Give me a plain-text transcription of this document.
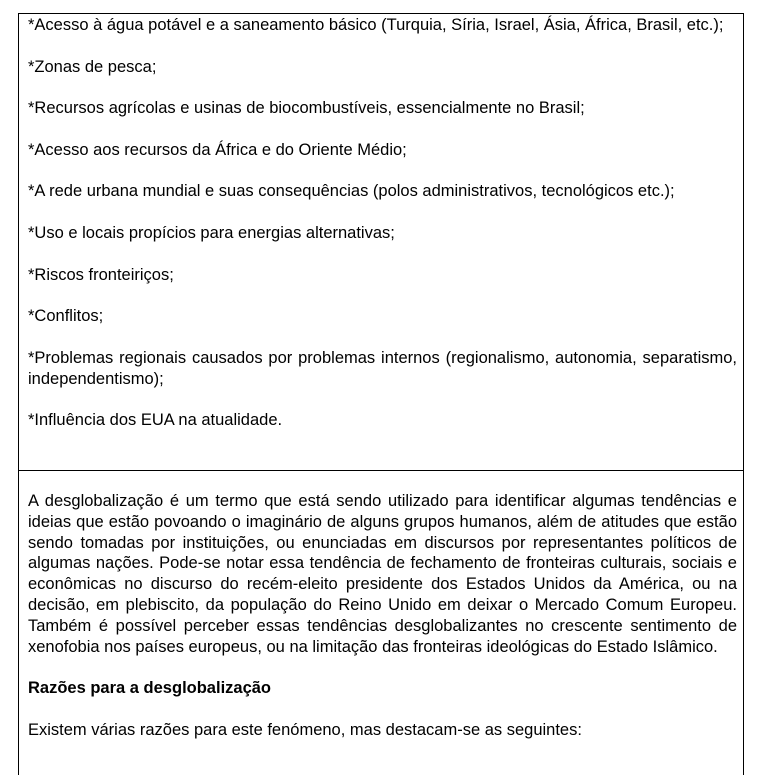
*Acesso à água potável e a saneamento básico (Turquia, Síria, Israel, Ásia, África, Brasil, etc.);

*Zonas de pesca;

*Recursos agrícolas e usinas de biocombustíveis, essencialmente no Brasil;

*Acesso aos recursos da África e do Oriente Médio;

*A rede urbana mundial e suas consequências (polos administrativos, tecnológicos etc.);

*Uso e locais propícios para energias alternativas;

*Riscos fronteiriços;

*Conflitos;

*Problemas regionais causados por problemas internos (regionalismo, autonomia, separatismo, independentismo);

*Influência dos EUA na atualidade.

A desglobalização é um termo que está sendo utilizado para identificar algumas tendências e ideias que estão povoando o imaginário de alguns grupos humanos, além de atitudes que estão sendo tomadas por instituições, ou enunciadas em discursos por representantes políticos de algumas nações. Pode-se notar essa tendência de fechamento de fronteiras culturais, sociais e econômicas no discurso do recém-eleito presidente dos Estados Unidos da América, ou na decisão, em plebiscito, da população do Reino Unido em deixar o Mercado Comum Europeu. Também é possível perceber essas tendências desglobalizantes no crescente sentimento de xenofobia nos países europeus, ou na limitação das fronteiras ideológicas do Estado Islâmico.

Razões para a desglobalização

Existem várias razões para este fenómeno, mas destacam-se as seguintes:
